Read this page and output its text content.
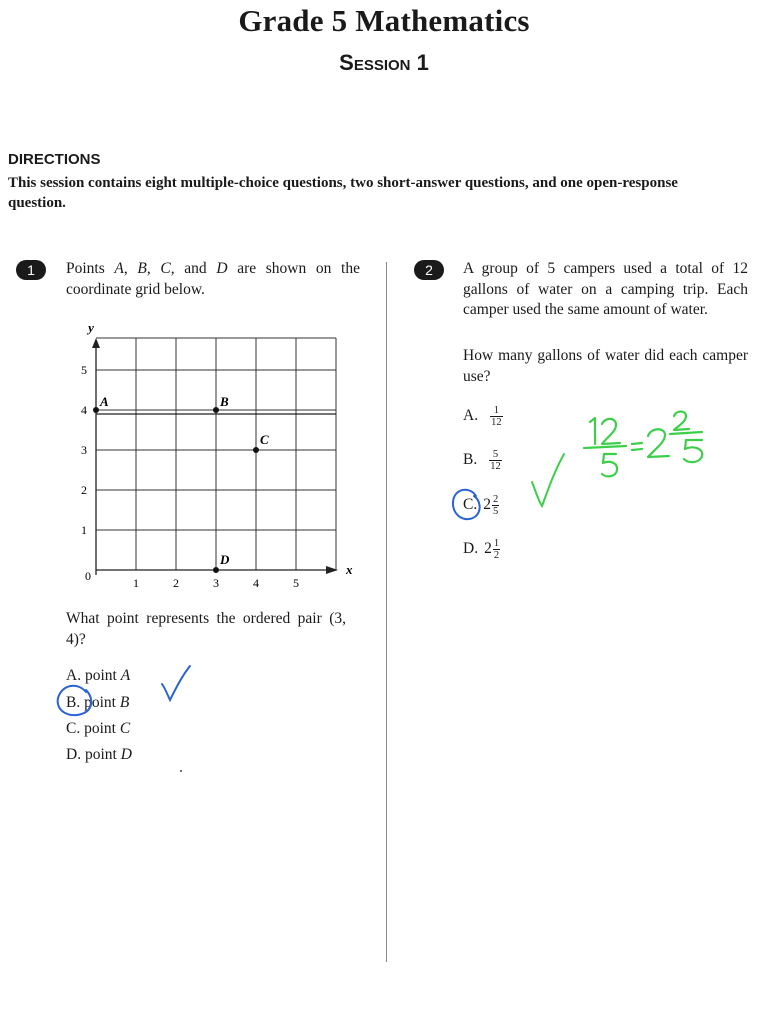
Grade 5 Mathematics
Session 1
DIRECTIONS
This session contains eight multiple-choice questions, two short-answer questions, and one open-response question.
1	Points A, B, C, and D are shown on the coordinate grid below.
y
x
0	1	2	3	4	5
1
2
3
4
5
A	B
C
D
What point represents the ordered pair (3, 4)?
A. point A
B. point B
C. point C
D. point D
2	A group of 5 campers used a total of 12 gallons of water on a camping trip. Each camper used the same amount of water.
How many gallons of water did each camper use?
A. $\frac{1}{12}$
B. $\frac{5}{12}$
C. $2 \frac{2}{5}$
D. $2 \frac{1}{2}$
